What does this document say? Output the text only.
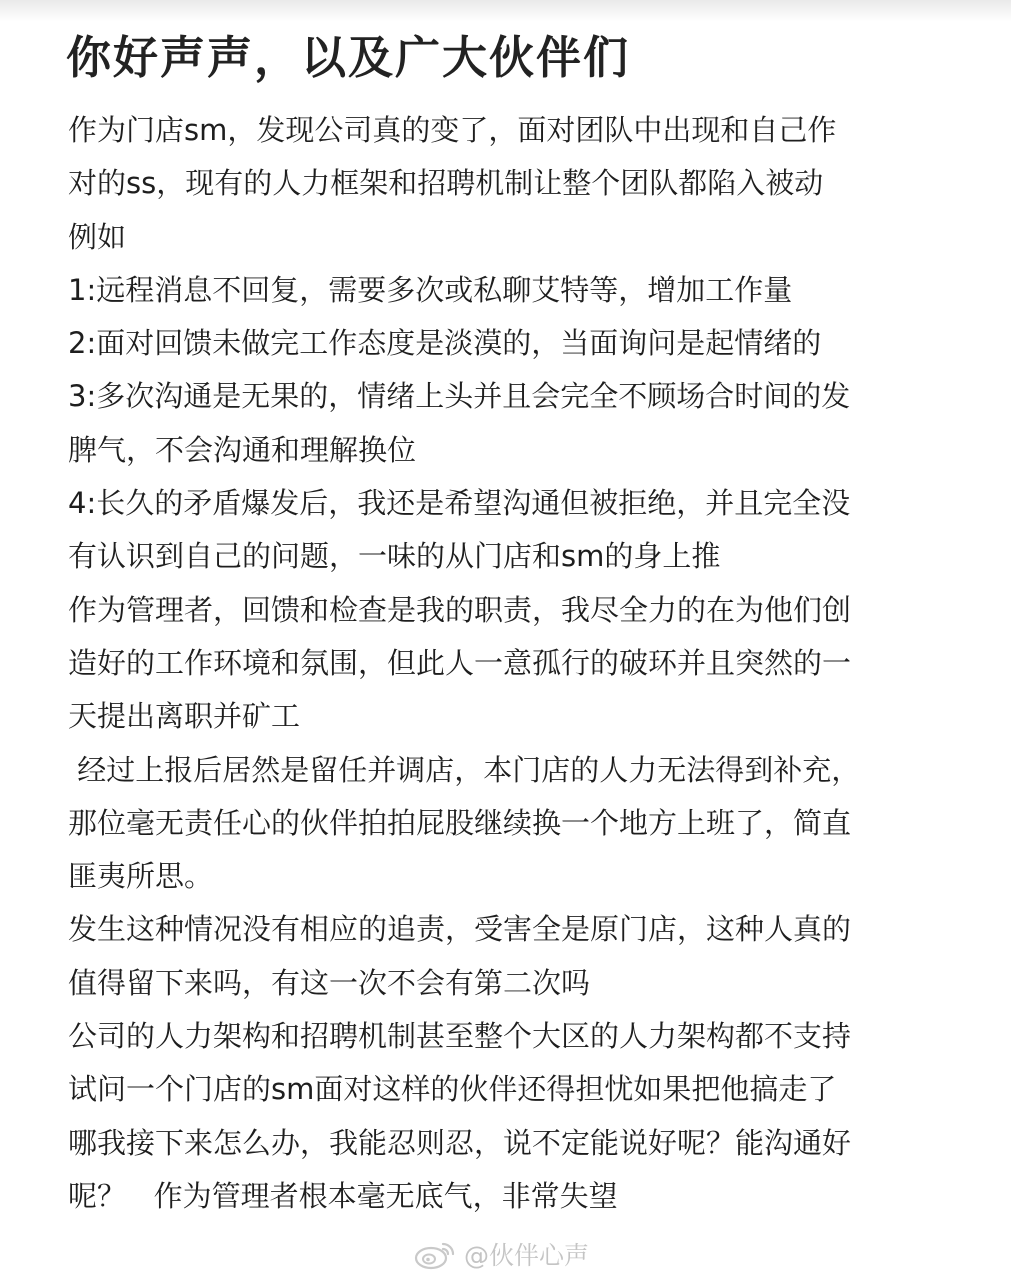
你好声声，以及广大伙伴们

作为门店sm，发现公司真的变了，面对团队中出现和自己作

对的ss，现有的人力框架和招聘机制让整个团队都陷入被动

例如

1:远程消息不回复，需要多次或私聊艾特等，增加工作量

2:面对回馈未做完工作态度是淡漠的，当面询问是起情绪的

3:多次沟通是无果的，情绪上头并且会完全不顾场合时间的发

脾气，不会沟通和理解换位

4:长久的矛盾爆发后，我还是希望沟通但被拒绝，并且完全没

有认识到自己的问题，一味的从门店和sm的身上推

作为管理者，回馈和检查是我的职责，我尽全力的在为他们创

造好的工作环境和氛围，但此人一意孤行的破环并且突然的一

天提出离职并矿工

经过上报后居然是留任并调店，本门店的人力无法得到补充，

那位毫无责任心的伙伴拍拍屁股继续换一个地方上班了，简直

匪夷所思。

发生这种情况没有相应的追责，受害全是原门店，这种人真的

值得留下来吗，有这一次不会有第二次吗

公司的人力架构和招聘机制甚至整个大区的人力架构都不支持

试问一个门店的sm面对这样的伙伴还得担忧如果把他搞走了

哪我接下来怎么办，我能忍则忍，说不定能说好呢？能沟通好

呢？   作为管理者根本毫无底气，非常失望

@伙伴心声
